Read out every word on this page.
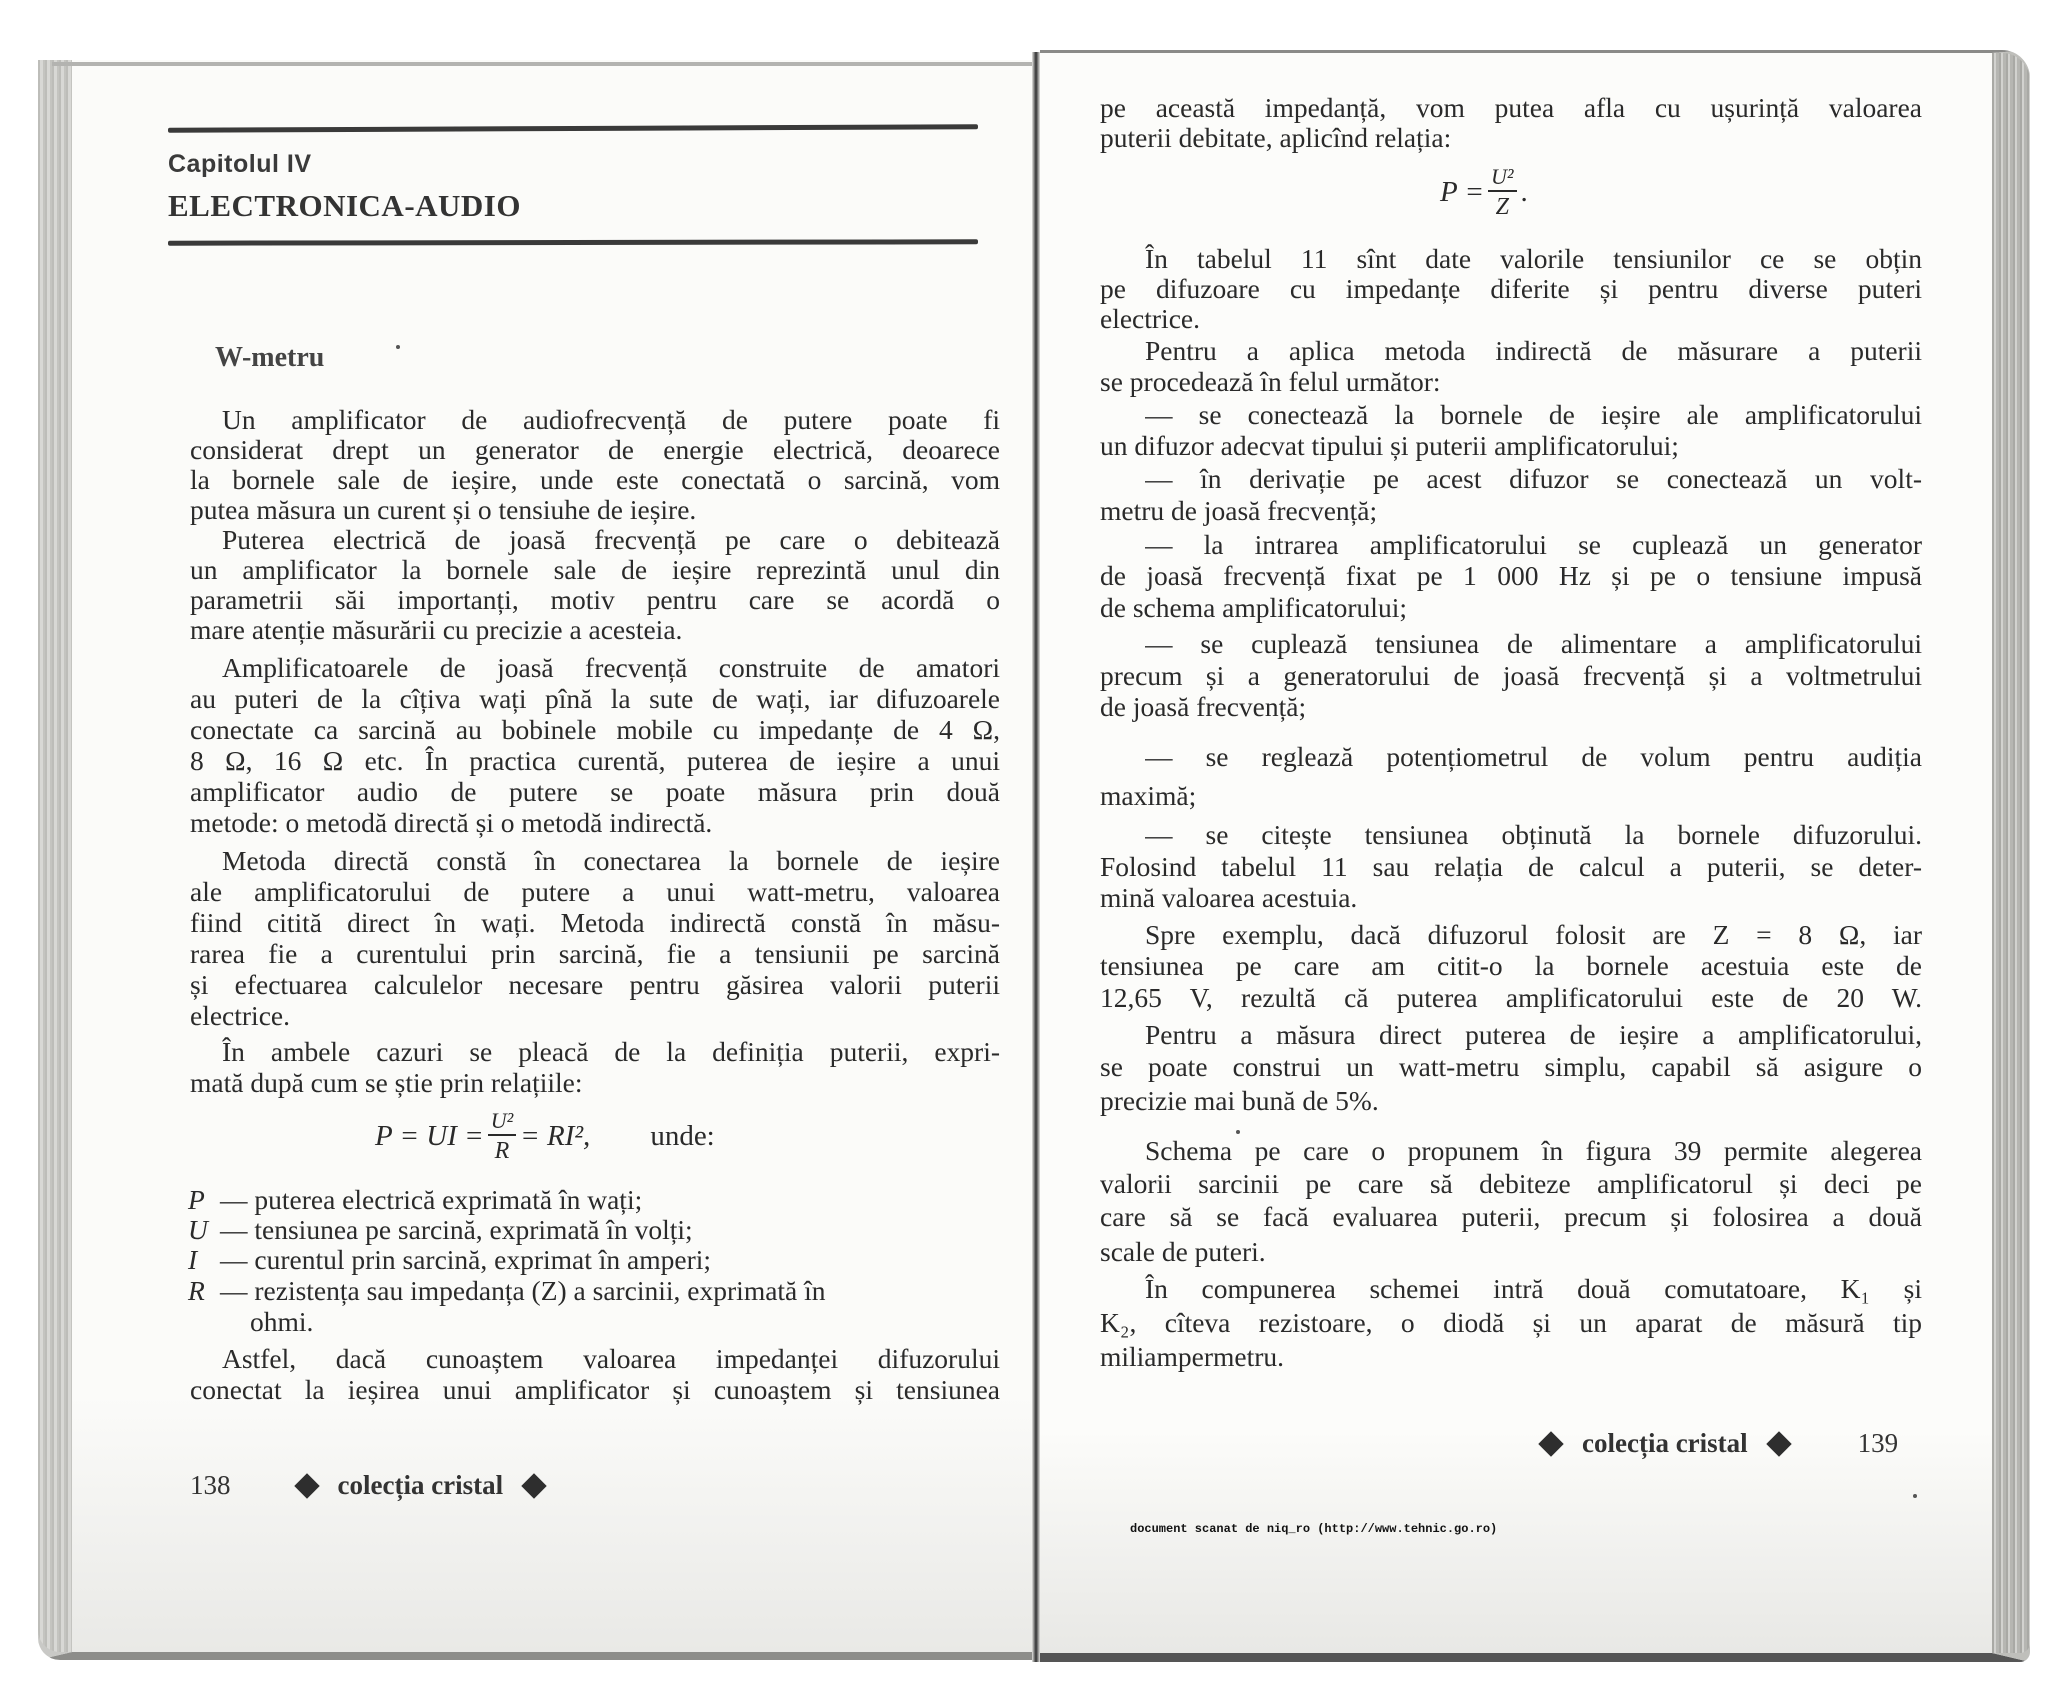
Capitolul IV
ELECTRONICA-AUDIO
W-metru
Un amplificator de audiofrecvență de putere poate fi
considerat drept un generator de energie electrică, deoarece
la bornele sale de ieșire, unde este conectată o sarcină, vom
putea măsura un curent și o tensiuhe de ieșire.
Puterea electrică de joasă frecvență pe care o debitează
un amplificator la bornele sale de ieșire reprezintă unul din
parametrii săi importanți, motiv pentru care se acordă o
mare atenție măsurării cu precizie a acesteia.
Amplificatoarele de joasă frecvență construite de amatori
au puteri de la cîțiva wați pînă la sute de wați, iar difuzoarele
conectate ca sarcină au bobinele mobile cu impedanțe de 4 Ω,
8 Ω, 16 Ω etc. În practica curentă, puterea de ieșire a unui
amplificator audio de putere se poate măsura prin două
metode: o metodă directă și o metodă indirectă.
Metoda directă constă în conectarea la bornele de ieșire
ale amplificatorului de putere a unui watt-metru, valoarea
fiind citită direct în wați. Metoda indirectă constă în măsu-
rarea fie a curentului prin sarcină, fie a tensiunii pe sarcină
și efectuarea calculelor necesare pentru găsirea valorii puterii
electrice.
În ambele cazuri se pleacă de la definiția puterii, expri-
mată după cum se știe prin relațiile:
P = UI = $\frac{\text{U²}}{R} = RI^2$, unde:
P — puterea electrică exprimată în wați;
U — tensiunea pe sarcină, exprimată în volți;
I — curentul prin sarcină, exprimat în amperi;
R — rezistența sau impedanța (Z) a sarcinii, exprimată în
ohmi.
Astfel, dacă cunoaștem valoarea impedanței difuzorului
conectat la ieșirea unui amplificator și cunoaștem și tensiunea
138	colecția cristal
pe această impedanță, vom putea afla cu ușurință valoarea
puterii debitate, aplicînd relația:
$P = \frac{\text{U²}}{Z}$ .
În tabelul 11 sînt date valorile tensiunilor ce se obțin
pe difuzoare cu impedanțe diferite și pentru diverse puteri
electrice.
Pentru a aplica metoda indirectă de măsurare a puterii
se procedează în felul următor:
— se conectează la bornele de ieșire ale amplificatorului
un difuzor adecvat tipului și puterii amplificatorului;
— în derivație pe acest difuzor se conectează un volt-
metru de joasă frecvență;
— la intrarea amplificatorului se cuplează un generator
de joasă frecvență fixat pe 1 000 Hz și pe o tensiune impusă
de schema amplificatorului;
— se cuplează tensiunea de alimentare a amplificatorului
precum și a generatorului de joasă frecvență și a voltmetrului
de joasă frecvență;
— se reglează potențiometrul de volum pentru audiția
maximă;
— se citește tensiunea obținută la bornele difuzorului.
Folosind tabelul 11 sau relația de calcul a puterii, se deter-
mină valoarea acestuia.
Spre exemplu, dacă difuzorul folosit are Z = 8 Ω, iar
tensiunea pe care am citit-o la bornele acestuia este de
12,65 V, rezultă că puterea amplificatorului este de 20 W.
Pentru a măsura direct puterea de ieșire a amplificatorului,
se poate construi un watt-metru simplu, capabil să asigure o
precizie mai bună de 5%.
Schema pe care o propunem în figura 39 permite alegerea
valorii sarcinii pe care să debiteze amplificatorul și deci pe
care să se facă evaluarea puterii, precum și folosirea a două
scale de puteri.
În compunerea schemei intră două comutatoare, K₁ și
K₂, cîteva rezistoare, o diodă și un aparat de măsură tip
miliampermetru.
colecția cristal	139
document scanat de niq_ro (http://www.tehnic.go.ro)
